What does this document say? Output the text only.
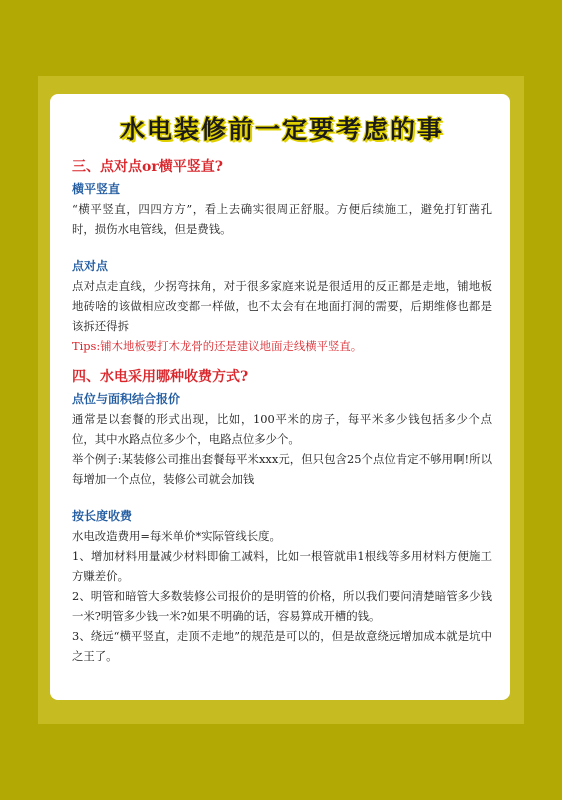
水电装修前一定要考虑的事
三、点对点or横平竖直?
横平竖直

“横平竖直，四四方方”，看上去确实很周正舒服。方便后续施工，避免打钉凿孔时，损伤水电管线，但是费钱。

点对点

点对点走直线，少拐弯抹角，对于很多家庭来说是很适用的反正都是走地，铺地板地砖啥的该做相应改变都一样做，也不太会有在地面打洞的需要，后期维修也都是该拆还得拆

Tips:铺木地板要打木龙骨的还是建议地面走线横平竖直。

四、水电采用哪种收费方式?
点位与面积结合报价

通常是以套餐的形式出现，比如，100平米的房子，每平米多少钱包括多少个点位，其中水路点位多少个，电路点位多少个。

举个例子:某装修公司推出套餐每平米xxx元，但只包含25个点位肯定不够用啊!所以每增加一个点位，装修公司就会加钱

按长度收费

水电改造费用=每米单价*实际管线长度。

1、增加材料用量减少材料即偷工减料，比如一根管就串1根线等多用材料方便施工方赚差价。

2、明管和暗管大多数装修公司报价的是明管的价格，所以我们要问清楚暗管多少钱一米?明管多少钱一米?如果不明确的话，容易算成开槽的钱。

3、绕远“横平竖直，走顶不走地”的规范是可以的，但是故意绕远增加成本就是坑中之王了。
